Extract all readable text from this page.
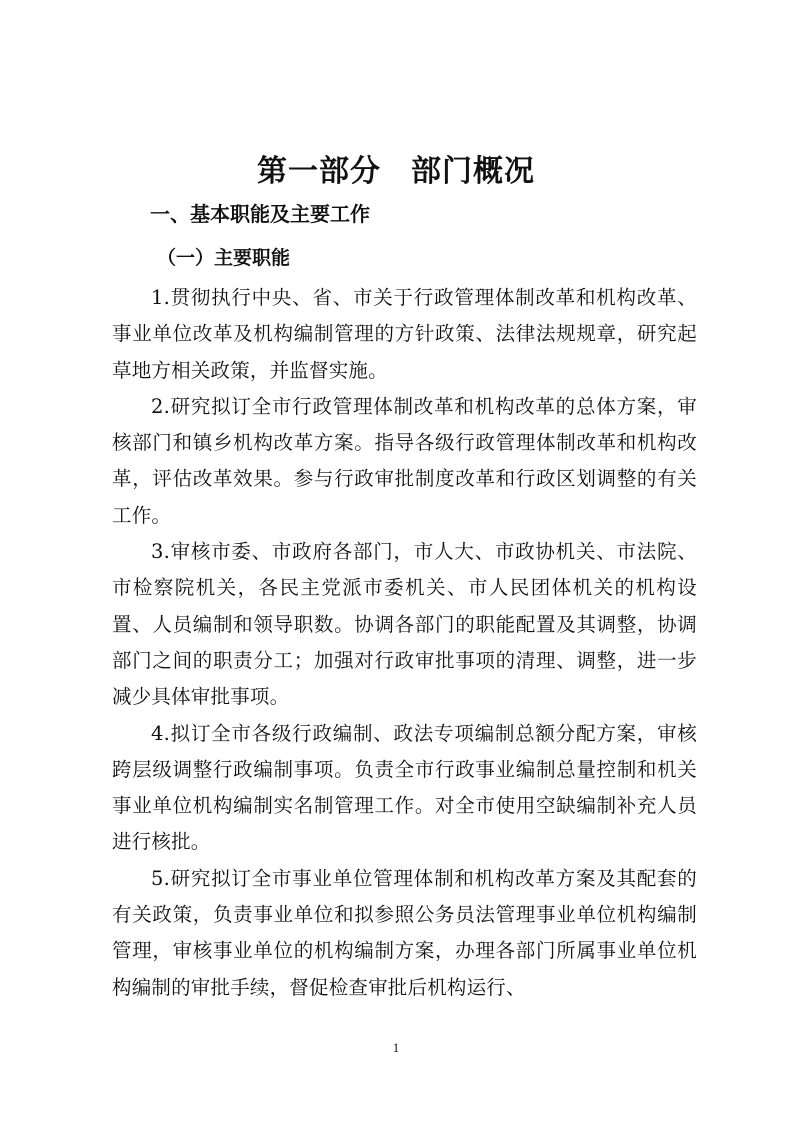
第一部分 部门概况
一、基本职能及主要工作
（一）主要职能

1.贯彻执行中央、省、市关于行政管理体制改革和机构改革、事业单位改革及机构编制管理的方针政策、法律法规规章，研究起草地方相关政策，并监督实施。

2.研究拟订全市行政管理体制改革和机构改革的总体方案，审核部门和镇乡机构改革方案。指导各级行政管理体制改革和机构改革，评估改革效果。参与行政审批制度改革和行政区划调整的有关工作。

3.审核市委、市政府各部门，市人大、市政协机关、市法院、市检察院机关，各民主党派市委机关、市人民团体机关的机构设置、人员编制和领导职数。协调各部门的职能配置及其调整，协调部门之间的职责分工；加强对行政审批事项的清理、调整，进一步减少具体审批事项。

4.拟订全市各级行政编制、政法专项编制总额分配方案，审核跨层级调整行政编制事项。负责全市行政事业编制总量控制和机关事业单位机构编制实名制管理工作。对全市使用空缺编制补充人员进行核批。

5.研究拟订全市事业单位管理体制和机构改革方案及其配套的有关政策，负责事业单位和拟参照公务员法管理事业单位机构编制管理，审核事业单位的机构编制方案，办理各部门所属事业单位机构编制的审批手续，督促检查审批后机构运行、

1
